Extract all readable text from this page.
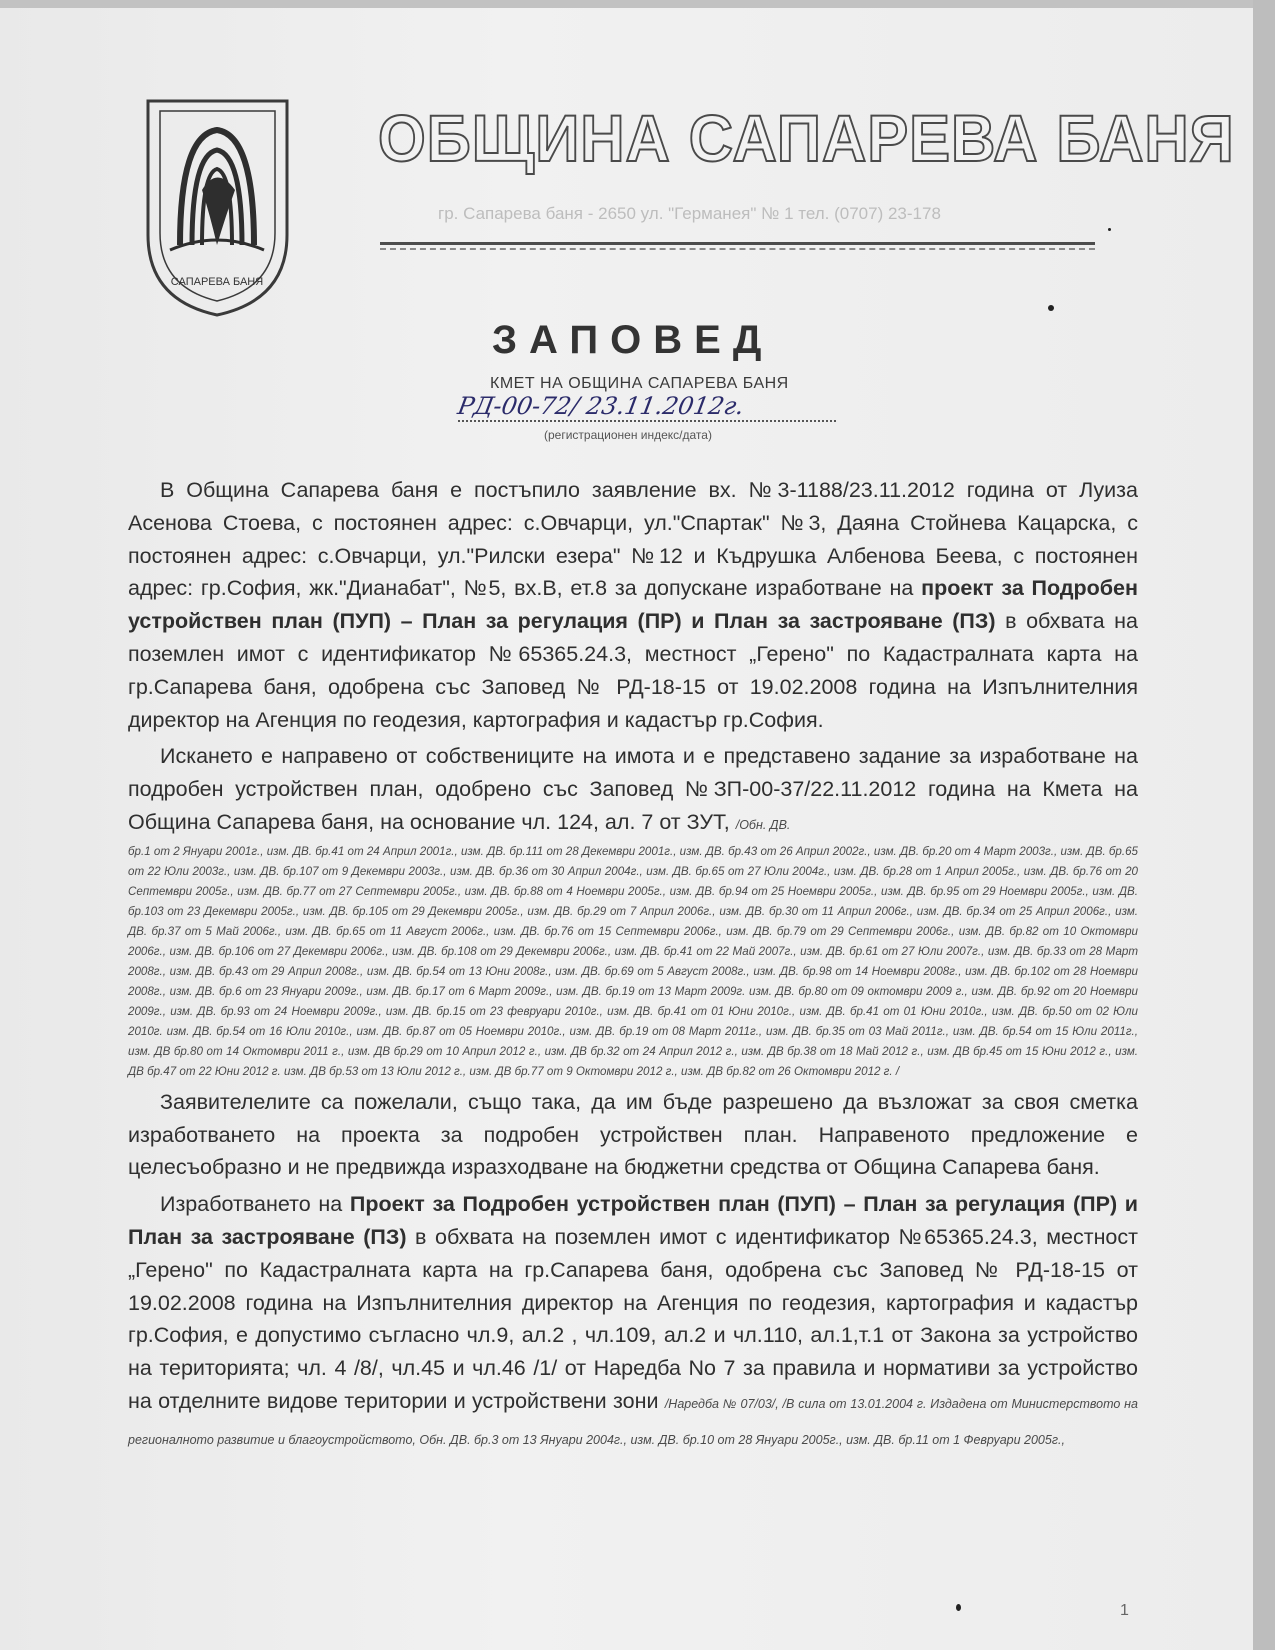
САПАРЕВА БАНЯ
ОБЩИНА САПАРЕВА БАНЯ
гр. Сапарева баня - 2650 ул. "Германея" № 1 тел. (0707) 23-178
ЗАПОВЕД
КМЕТ НА ОБЩИНА САПАРЕВА БАНЯ
РД-00-72/ 23.11.2012г.
(регистрационен индекс/дата)

В Община Сапарева баня е постъпило заявление вх. №3-1188/23.11.2012 година от Луиза Асенова Стоева, с постоянен адрес: с.Овчарци, ул."Спартак" №3, Даяна Стойнева Кацарска, с постоянен адрес: с.Овчарци, ул."Рилски езера" №12 и Къдрушка Албенова Беева, с постоянен адрес: гр.София, жк."Дианабат", №5, вх.В, ет.8 за допускане изработване на проект за Подробен устройствен план (ПУП) – План за регулация (ПР) и План за застрояване (ПЗ) в обхвата на поземлен имот с идентификатор №65365.24.3, местност „Герено" по Кадастралната карта на гр.Сапарева баня, одобрена със Заповед № РД-18-15 от 19.02.2008 година на Изпълнителния директор на Агенция по геодезия, картография и кадастър гр.София.

Искането е направено от собствениците на имота и е представено задание за изработване на подробен устройствен план, одобрено със Заповед №ЗП-00-37/22.11.2012 година на Кмета на Община Сапарева баня, на основание чл. 124, ал. 7 от ЗУТ, /Обн. ДВ.

бр.1 от 2 Януари 2001г., изм. ДВ. бр.41 от 24 Април 2001г., изм. ДВ. бр.111 от 28 Декември 2001г., изм. ДВ. бр.43 от 26 Април 2002г., изм. ДВ. бр.20 от 4 Март 2003г., изм. ДВ. бр.65 от 22 Юли 2003г., изм. ДВ. бр.107 от 9 Декември 2003г., изм. ДВ. бр.36 от 30 Април 2004г., изм. ДВ. бр.65 от 27 Юли 2004г., изм. ДВ. бр.28 от 1 Април 2005г., изм. ДВ. бр.76 от 20 Септември 2005г., изм. ДВ. бр.77 от 27 Септември 2005г., изм. ДВ. бр.88 от 4 Ноември 2005г., изм. ДВ. бр.94 от 25 Ноември 2005г., изм. ДВ. бр.95 от 29 Ноември 2005г., изм. ДВ. бр.103 от 23 Декември 2005г., изм. ДВ. бр.105 от 29 Декември 2005г., изм. ДВ. бр.29 от 7 Април 2006г., изм. ДВ. бр.30 от 11 Април 2006г., изм. ДВ. бр.34 от 25 Април 2006г., изм. ДВ. бр.37 от 5 Май 2006г., изм. ДВ. бр.65 от 11 Август 2006г., изм. ДВ. бр.76 от 15 Септември 2006г., изм. ДВ. бр.79 от 29 Септември 2006г., изм. ДВ. бр.82 от 10 Октомври 2006г., изм. ДВ. бр.106 от 27 Декември 2006г., изм. ДВ. бр.108 от 29 Декември 2006г., изм. ДВ. бр.41 от 22 Май 2007г., изм. ДВ. бр.61 от 27 Юли 2007г., изм. ДВ. бр.33 от 28 Март 2008г., изм. ДВ. бр.43 от 29 Април 2008г., изм. ДВ. бр.54 от 13 Юни 2008г., изм. ДВ. бр.69 от 5 Август 2008г., изм. ДВ. бр.98 от 14 Ноември 2008г., изм. ДВ. бр.102 от 28 Ноември 2008г., изм. ДВ. бр.6 от 23 Януари 2009г., изм. ДВ. бр.17 от 6 Март 2009г., изм. ДВ. бр.19 от 13 Март 2009г. изм. ДВ. бр.80 от 09 октомври 2009 г., изм. ДВ. бр.92 от 20 Ноември 2009г., изм. ДВ. бр.93 от 24 Ноември 2009г., изм. ДВ. бр.15 от 23 февруари 2010г., изм. ДВ. бр.41 от 01 Юни 2010г., изм. ДВ. бр.41 от 01 Юни 2010г., изм. ДВ. бр.50 от 02 Юли 2010г. изм. ДВ. бр.54 от 16 Юли 2010г., изм. ДВ. бр.87 от 05 Ноември 2010г., изм. ДВ. бр.19 от 08 Март 2011г., изм. ДВ. бр.35 от 03 Май 2011г., изм. ДВ. бр.54 от 15 Юли 2011г., изм. ДВ бр.80 от 14 Октомври 2011 г., изм. ДВ бр.29 от 10 Април 2012 г., изм. ДВ бр.32 от 24 Април 2012 г., изм. ДВ бр.38 от 18 Май 2012 г., изм. ДВ бр.45 от 15 Юни 2012 г., изм. ДВ бр.47 от 22 Юни 2012 г. изм. ДВ бр.53 от 13 Юли 2012 г., изм. ДВ бр.77 от 9 Октомври 2012 г., изм. ДВ бр.82 от 26 Октомври 2012 г. /

Заявителелите са пожелали, също така, да им бъде разрешено да възложат за своя сметка изработването на проекта за подробен устройствен план. Направеното предложение е целесъобразно и не предвижда изразходване на бюджетни средства от Община Сапарева баня.

Изработването на Проект за Подробен устройствен план (ПУП) – План за регулация (ПР) и План за застрояване (ПЗ) в обхвата на поземлен имот с идентификатор №65365.24.3, местност „Герено" по Кадастралната карта на гр.Сапарева баня, одобрена със Заповед № РД-18-15 от 19.02.2008 година на Изпълнителния директор на Агенция по геодезия, картография и кадастър гр.София, е допустимо съгласно чл.9, ал.2 , чл.109, ал.2 и чл.110, ал.1,т.1 от Закона за устройство на територията; чл. 4 /8/, чл.45 и чл.46 /1/ от Наредба No 7 за правила и нормативи за устройство на отделните видове територии и устройствени зони /Наредба № 07/03/, /В сила от 13.01.2004 г. Издадена от Министерството на регионалното развитие и благоустройството, Обн. ДВ. бр.3 от 13 Януари 2004г., изм. ДВ. бр.10 от 28 Януари 2005г., изм. ДВ. бр.11 от 1 Февруари 2005г.,

1
